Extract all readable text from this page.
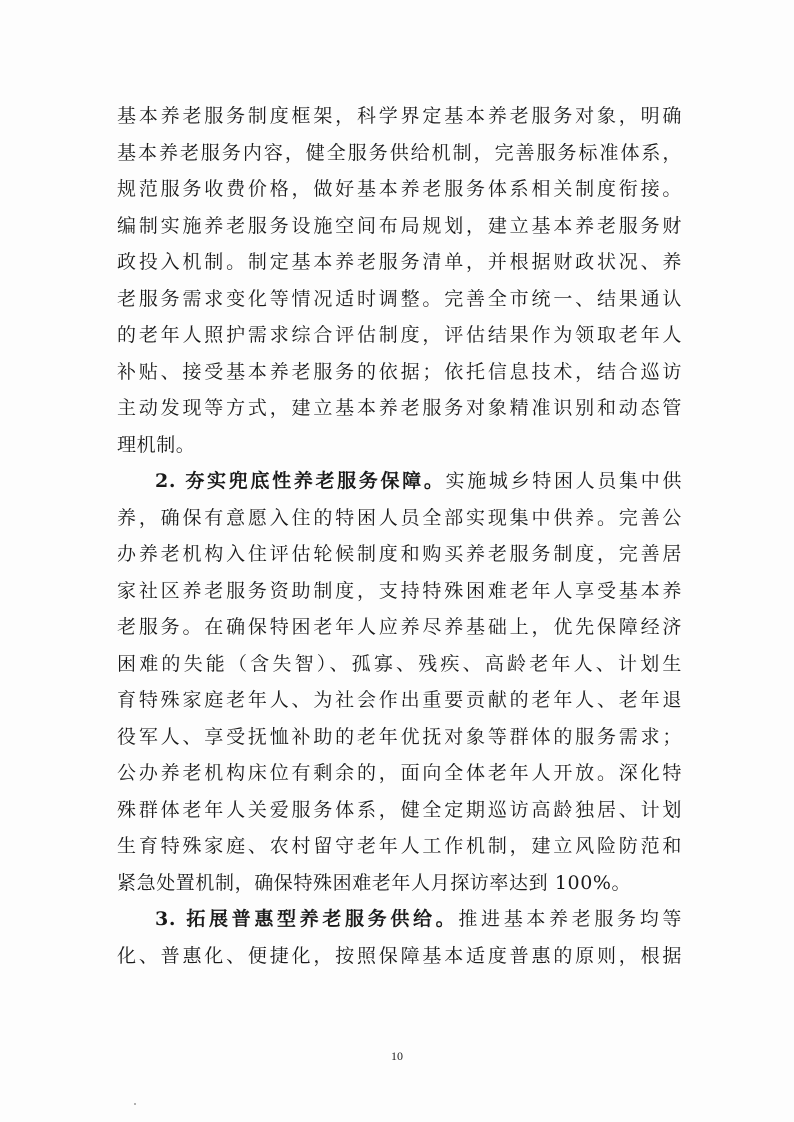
基本养老服务制度框架，科学界定基本养老服务对象，明确
基本养老服务内容，健全服务供给机制，完善服务标准体系，
规范服务收费价格，做好基本养老服务体系相关制度衔接。
编制实施养老服务设施空间布局规划，建立基本养老服务财
政投入机制。制定基本养老服务清单，并根据财政状况、养
老服务需求变化等情况适时调整。完善全市统一、结果通认
的老年人照护需求综合评估制度，评估结果作为领取老年人
补贴、接受基本养老服务的依据；依托信息技术，结合巡访
主动发现等方式，建立基本养老服务对象精准识别和动态管
理机制。
2. 夯实兜底性养老服务保障。实施城乡特困人员集中供
养，确保有意愿入住的特困人员全部实现集中供养。完善公
办养老机构入住评估轮候制度和购买养老服务制度，完善居
家社区养老服务资助制度，支持特殊困难老年人享受基本养
老服务。在确保特困老年人应养尽养基础上，优先保障经济
困难的失能（含失智）、孤寡、残疾、高龄老年人、计划生
育特殊家庭老年人、为社会作出重要贡献的老年人、老年退
役军人、享受抚恤补助的老年优抚对象等群体的服务需求；
公办养老机构床位有剩余的，面向全体老年人开放。深化特
殊群体老年人关爱服务体系，健全定期巡访高龄独居、计划
生育特殊家庭、农村留守老年人工作机制，建立风险防范和
紧急处置机制，确保特殊困难老年人月探访率达到 100%。
3. 拓展普惠型养老服务供给。推进基本养老服务均等
化、普惠化、便捷化，按照保障基本适度普惠的原则，根据
10
